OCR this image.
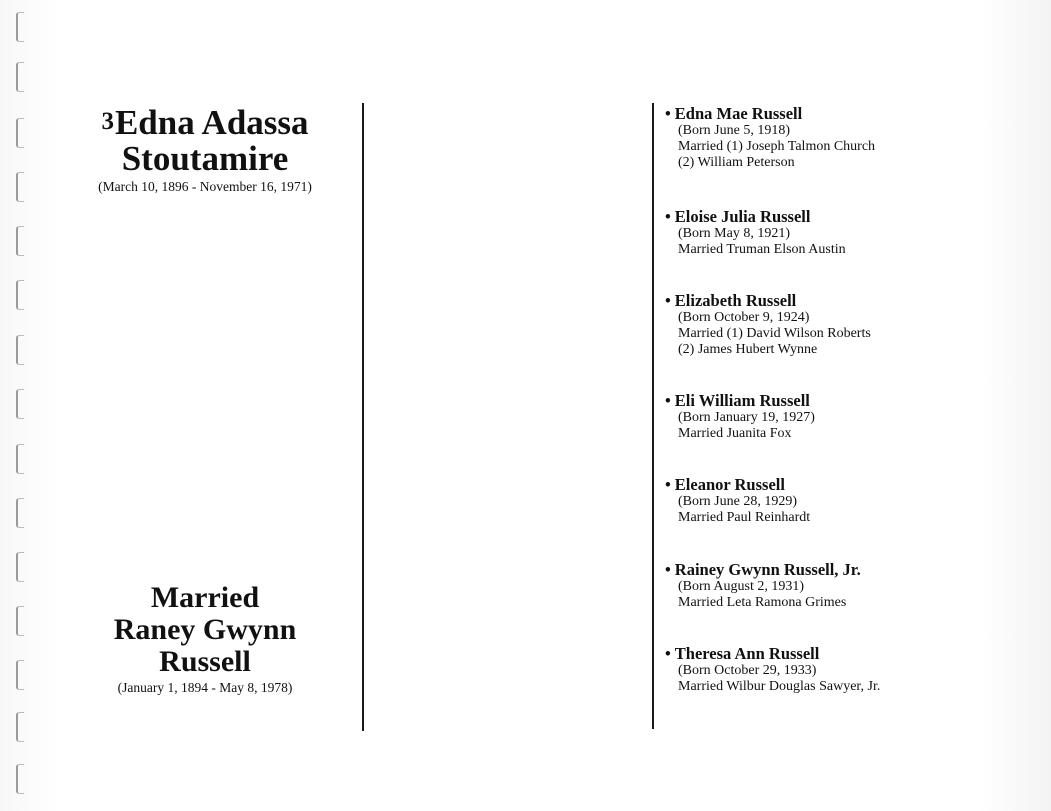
3Edna Adassa
Stoutamire
(March 10, 1896 - November 16, 1971)
Married
Raney Gwynn
Russell
(January 1, 1894 - May 8, 1978)
• Edna Mae Russell
(Born June 5, 1918)
Married (1) Joseph Talmon Church
(2) William Peterson
• Eloise Julia Russell
(Born May 8, 1921)
Married Truman Elson Austin
• Elizabeth Russell
(Born October 9, 1924)
Married (1) David Wilson Roberts
(2) James Hubert Wynne
• Eli William Russell
(Born January 19, 1927)
Married Juanita Fox
• Eleanor Russell
(Born June 28, 1929)
Married Paul Reinhardt
• Rainey Gwynn Russell, Jr.
(Born August 2, 1931)
Married Leta Ramona Grimes
• Theresa Ann Russell
(Born October 29, 1933)
Married Wilbur Douglas Sawyer, Jr.
